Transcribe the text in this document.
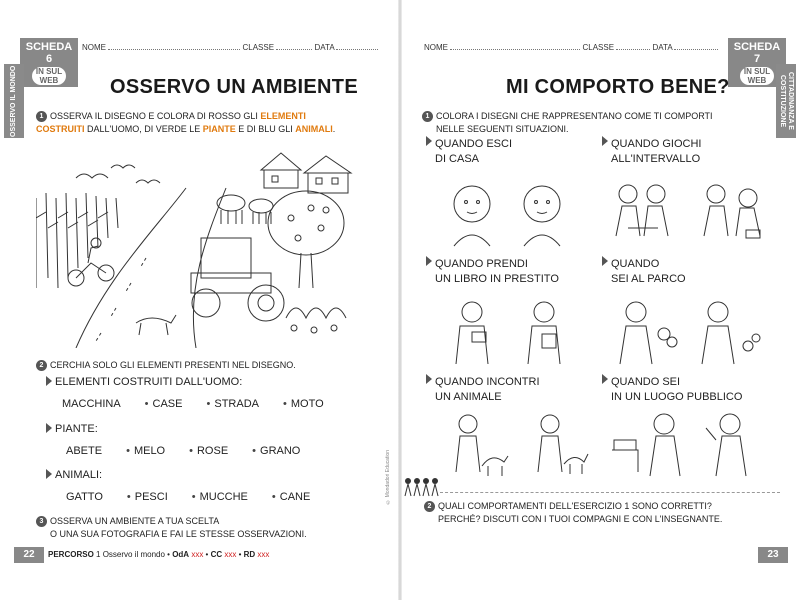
SCHEDA
6
IN SUL WEB
OSSERVO IL MONDO
NOME	CLASSE	DATA
OSSERVO UN AMBIENTE
1 OSSERVA IL DISEGNO E COLORA DI ROSSO GLI ELEMENTI COSTRUITI DALL'UOMO, DI VERDE LE PIANTE E DI BLU GLI ANIMALI.
2 CERCHIA SOLO GLI ELEMENTI PRESENTI NEL DISEGNO.
ELEMENTI COSTRUITI DALL'UOMO:
MACCHINA • CASE • STRADA • MOTO
PIANTE:
ABETE • MELO • ROSE • GRANO
ANIMALI:
GATTO • PESCI • MUCCHE • CANE
3 OSSERVA UN AMBIENTE A TUA SCELTA
O UNA SUA FOTOGRAFIA E FAI LE STESSE OSSERVAZIONI.
22	PERCORSO 1 Osservo il mondo • OdA xxx • CC xxx • RD xxx
© Mondadori Education
NOME	CLASSE	DATA	SCHEDA
7
IN SUL WEB	CITTADINANZA E COSTITUZIONE
MI COMPORTO BENE?
1 COLORA I DISEGNI CHE RAPPRESENTANO COME TI COMPORTI
NELLE SEGUENTI SITUAZIONI.
QUANDO ESCI
DI CASA
QUANDO GIOCHI
ALL'INTERVALLO
QUANDO PRENDI
UN LIBRO IN PRESTITO
QUANDO
SEI AL PARCO
QUANDO INCONTRI
UN ANIMALE
QUANDO SEI
IN UN LUOGO PUBBLICO
2 QUALI COMPORTAMENTI DELL'ESERCIZIO 1 SONO CORRETTI?
PERCHÉ? DISCUTI CON I TUOI COMPAGNI E CON L'INSEGNANTE.
23
